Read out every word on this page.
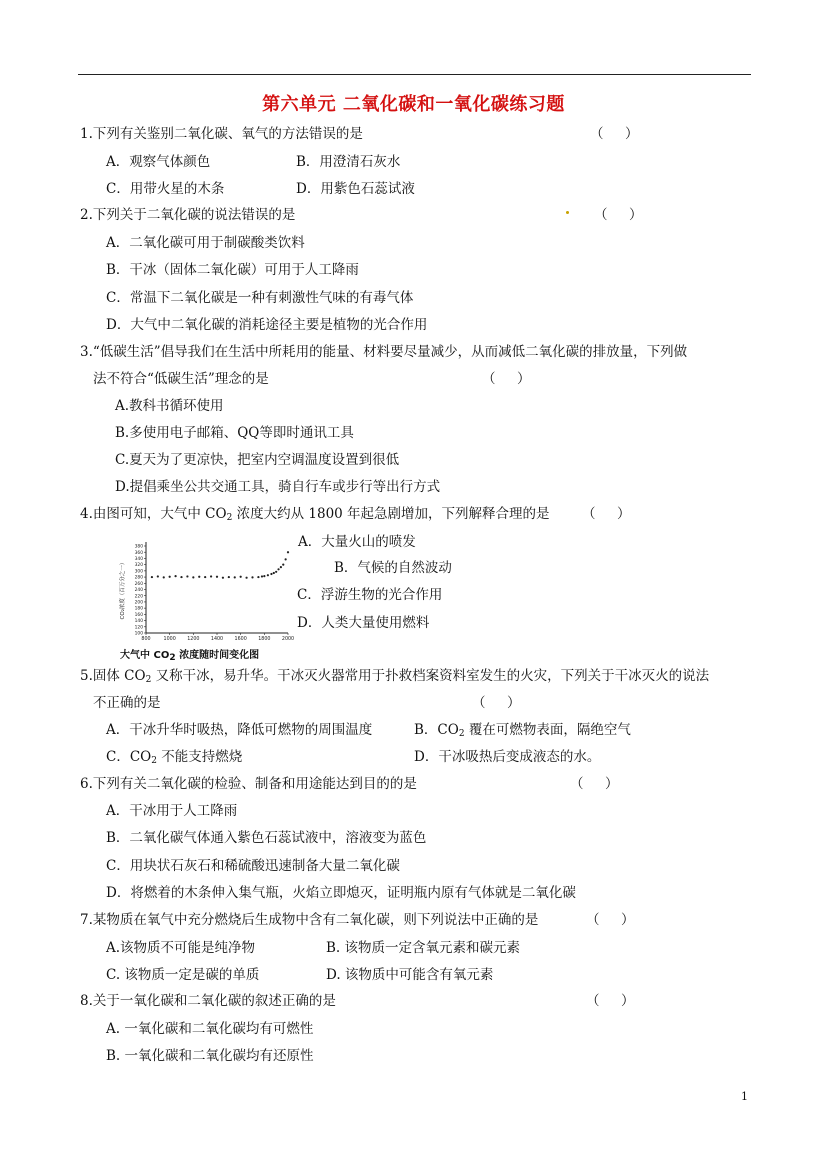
第六单元 二氧化碳和一氧化碳练习题
1.下列有关鉴别二氧化碳、氧气的方法错误的是	（     ）
A．观察气体颜色	B．用澄清石灰水
C．用带火星的木条	D．用紫色石蕊试液
2.下列关于二氧化碳的说法错误的是	（     ）
A．二氧化碳可用于制碳酸类饮料
B．干冰（固体二氧化碳）可用于人工降雨
C．常温下二氧化碳是一种有刺激性气味的有毒气体
D．大气中二氧化碳的消耗途径主要是植物的光合作用
3.“低碳生活”倡导我们在生活中所耗用的能量、材料要尽量减少，从而减低二氧化碳的排放量，下列做
法不符合“低碳生活”理念的是	（     ）
A.教科书循环使用
B.多使用电子邮箱、QQ等即时通讯工具
C.夏天为了更凉快，把室内空调温度设置到很低
D.提倡乘坐公共交通工具，骑自行车或步行等出行方式
4.由图可知，大气中 $CO_2$ 浓度大约从 1800 年起急剧增加，下列解释合理的是 （     ）
CO₂浓度（百万分之一）
100
120
140
160
180
200
220
240
260
280
300
320
340
360
380
800	1000 1200 1400 1600 1800 2000
大气中 $CO_2$ 浓度随时间变化图
A．大量火山的喷发
B．气候的自然波动
C．浮游生物的光合作用
D．人类大量使用燃料
5.固体 $CO_2$ 又称干冰，易升华。干冰灭火器常用于扑救档案资料室发生的火灾，下列关于干冰灭火的说法
不正确的是	（     ）
A．干冰升华时吸热，降低可燃物的周围温度	B．$CO_2$ 覆在可燃物表面，隔绝空气
C．$CO_2$ 不能支持燃烧	D．干冰吸热后变成液态的水。
6.下列有关二氧化碳的检验、制备和用途能达到目的的是	（     ）
A．干冰用于人工降雨
B．二氧化碳气体通入紫色石蕊试液中，溶液变为蓝色
C．用块状石灰石和稀硫酸迅速制备大量二氧化碳
D．将燃着的木条伸入集气瓶，火焰立即熄灭，证明瓶内原有气体就是二氧化碳
7.某物质在氧气中充分燃烧后生成物中含有二氧化碳，则下列说法中正确的是	（     ）
A.该物质不可能是纯净物	B. 该物质一定含氧元素和碳元素
C. 该物质一定是碳的单质	D. 该物质中可能含有氧元素
8.关于一氧化碳和二氧化碳的叙述正确的是	（     ）
A. 一氧化碳和二氧化碳均有可燃性
B. 一氧化碳和二氧化碳均有还原性
1
